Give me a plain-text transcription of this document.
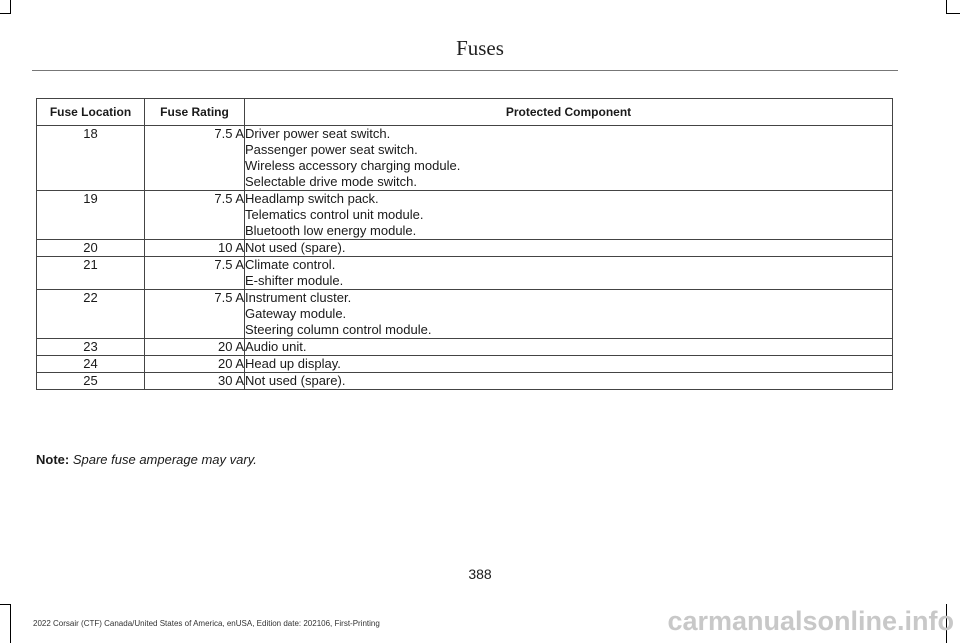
Fuses
Fuse Location	Fuse Rating	Protected Component
18	7.5 A	Driver power seat switch.
Passenger power seat switch.
Wireless accessory charging module.
Selectable drive mode switch.

19	7.5 A	Headlamp switch pack.
Telematics control unit module.
Bluetooth low energy module.

20	10 A	Not used (spare).

21	7.5 A	Climate control.
E-shifter module.

22	7.5 A	Instrument cluster.
Gateway module.
Steering column control module.

23	20 A	Audio unit.

24	20 A	Head up display.

25	30 A	Not used (spare).
Note: Spare fuse amperage may vary.
388
2022 Corsair (CTF) Canada/United States of America, enUSA, Edition date: 202106, First-Printing	carmanualsonline.info
